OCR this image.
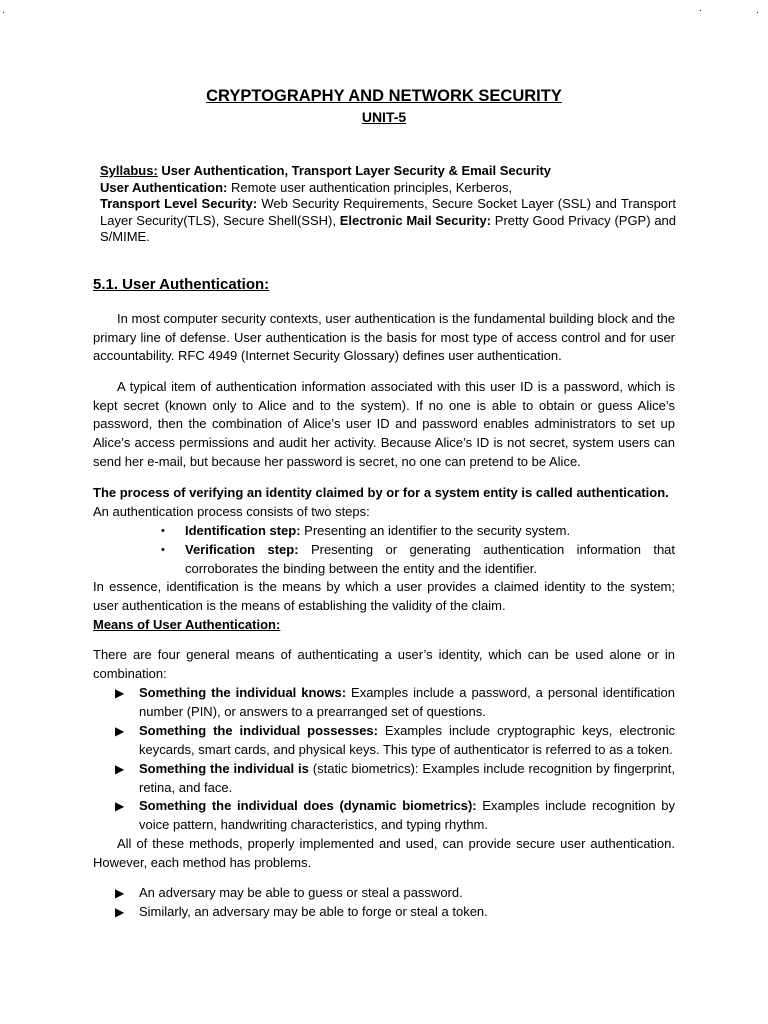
.	.	.
CRYPTOGRAPHY AND NETWORK SECURITY
UNIT-5

Syllabus: User Authentication, Transport Layer Security & Email Security

User Authentication: Remote user authentication principles, Kerberos,

Transport Level Security: Web Security Requirements, Secure Socket Layer (SSL) and Transport Layer Security(TLS), Secure Shell(SSH), Electronic Mail Security: Pretty Good Privacy (PGP) and S/MIME.

5.1. User Authentication:
In most computer security contexts, user authentication is the fundamental building block and the primary line of defense. User authentication is the basis for most type of access control and for user accountability. RFC 4949 (Internet Security Glossary) defines user authentication.
A typical item of authentication information associated with this user ID is a password, which is kept secret (known only to Alice and to the system). If no one is able to obtain or guess Alice’s password, then the combination of Alice’s user ID and password enables administrators to set up Alice’s access permissions and audit her activity. Because Alice’s ID is not secret, system users can send her e-mail, but because her password is secret, no one can pretend to be Alice.
The process of verifying an identity claimed by or for a system entity is called authentication.
An authentication process consists of two steps:
• Identification step: Presenting an identifier to the security system.
• Verification step: Presenting or generating authentication information that corroborates the binding between the entity and the identifier.
In essence, identification is the means by which a user provides a claimed identity to the system; user authentication is the means of establishing the validity of the claim.
Means of User Authentication:
There are four general means of authenticating a user’s identity, which can be used alone or in combination:
▶ Something the individual knows: Examples include a password, a personal identification number (PIN), or answers to a prearranged set of questions.
▶ Something the individual possesses: Examples include cryptographic keys, electronic keycards, smart cards, and physical keys. This type of authenticator is referred to as a token.
▶ Something the individual is (static biometrics): Examples include recognition by fingerprint, retina, and face.
▶ Something the individual does (dynamic biometrics): Examples include recognition by voice pattern, handwriting characteristics, and typing rhythm.
All of these methods, properly implemented and used, can provide secure user authentication. However, each method has problems.
▶ An adversary may be able to guess or steal a password.
▶ Similarly, an adversary may be able to forge or steal a token.
